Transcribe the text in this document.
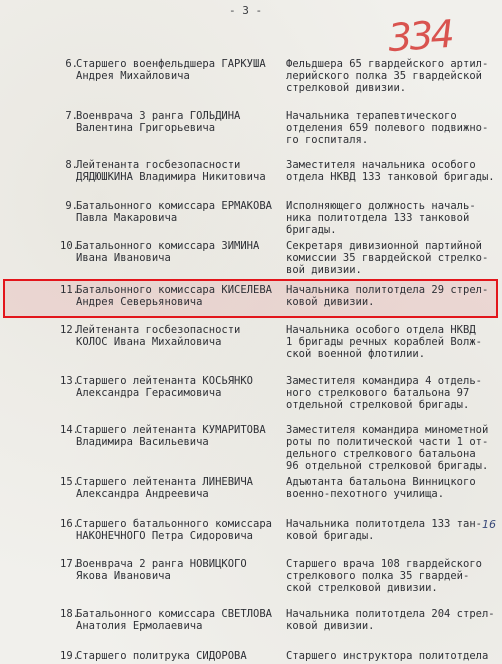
- 3 -
334
6.
Старшего военфельдшера ГАРКУША
Андрея Михайловича
Фельдшера 65 гвардейского артил-
лерийского полка 35 гвардейской
стрелковой дивизии.
7.
Военврача 3 ранга ГОЛЬДИНА
Валентина Григорьевича
Начальника терапевтического
отделения 659 полевого подвижно-
го госпиталя.
8.
Лейтенанта госбезопасности
ДЯДЮШКИНА Владимира Никитовича
Заместителя начальника особого
отдела НКВД 133 танковой бригады.
9.
Батальонного комиссара ЕРМАКОВА
Павла Макаровича
Исполняющего должность началь-
ника политотдела 133 танковой
бригады.
10.
Батальонного комиссара ЗИМИНА
Ивана Ивановича
Секретаря дивизионной партийной
комиссии 35 гвардейской стрелко-
вой дивизии.
11.
Батальонного комиссара КИСЕЛЕВА
Андрея Северьяновича
Начальника политотдела 29 стрел-
ковой дивизии.
12.
Лейтенанта госбезопасности
КОЛОС Ивана Михайловича
Начальника особого отдела НКВД
1 бригады речных кораблей Волж-
ской военной флотилии.
13.
Старшего лейтенанта КОСЬЯНКО
Александра Герасимовича
Заместителя командира 4 отдель-
ного стрелкового батальона 97
отдельной стрелковой бригады.
14.
Старшего лейтенанта КУМАРИТОВА
Владимира Васильевича
Заместителя командира минометной
роты по политической части 1 от-
дельного стрелкового батальона
96 отдельной стрелковой бригады.
15.
Старшего лейтенанта ЛИНЕВИЧА
Александра Андреевича
Адъютанта батальона Винницкого
военно-пехотного училища.
16.
Старшего батальонного комиссара
НАКОНЕЧНОГО Петра Сидоровича
Начальника политотдела 133 тан-
ковой бригады.
16
17.
Военврача 2 ранга НОВИЦКОГО
Якова Ивановича
Старшего врача 108 гвардейского
стрелкового полка 35 гвардей-
ской стрелковой дивизии.
18.
Батальонного комиссара СВЕТЛОВА
Анатолия Ермолаевича
Начальника политотдела 204 стрел-
ковой дивизии.
19.
Старшего политрука СИДОРОВА	Старшего инструктора политотдела
